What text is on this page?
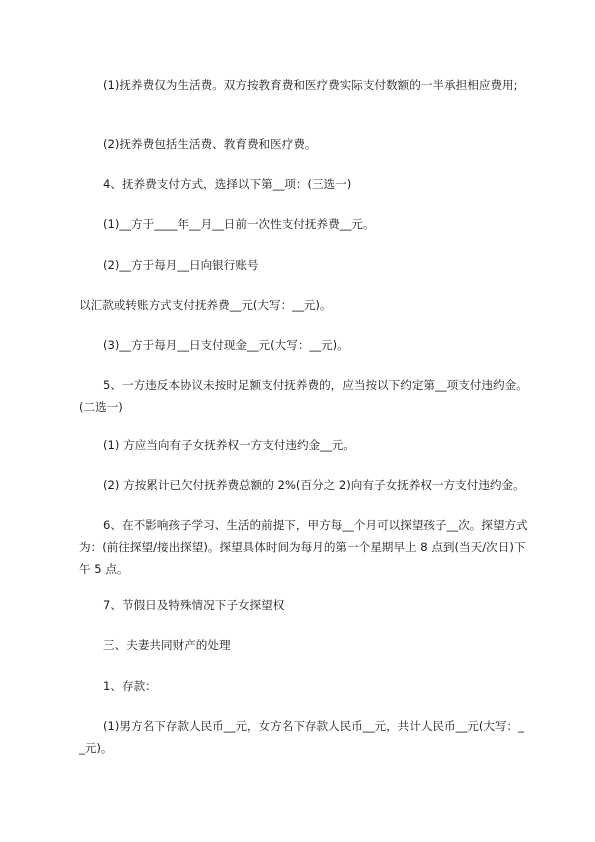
(1)抚养费仅为生活费。双方按教育费和医疗费实际支付数额的一半承担相应费用;

(2)抚养费包括生活费、教育费和医疗费。

4、抚养费支付方式，选择以下第__项：(三选一)

(1)__方于____年__月__日前一次性支付抚养费__元。

(2)__方于每月__日向银行账号

以汇款或转账方式支付抚养费__元(大写：__元)。

(3)__方于每月__日支付现金__元(大写：__元)。

5、一方违反本协议未按时足额支付抚养费的，应当按以下约定第__项支付违约金。(二选一)

(1) 方应当向有子女抚养权一方支付违约金__元。

(2) 方按累计已欠付抚养费总额的 2%(百分之 2)向有子女抚养权一方支付违约金。

6、在不影响孩子学习、生活的前提下，甲方每__个月可以探望孩子__次。探望方式为：(前往探望/接出探望)。探望具体时间为每月的第一个星期早上 8 点到(当天/次日)下午 5 点。

7、节假日及特殊情况下子女探望权

三、夫妻共同财产的处理

1、存款：

(1)男方名下存款人民币__元，女方名下存款人民币__元，共计人民币__元(大写：__元)。
